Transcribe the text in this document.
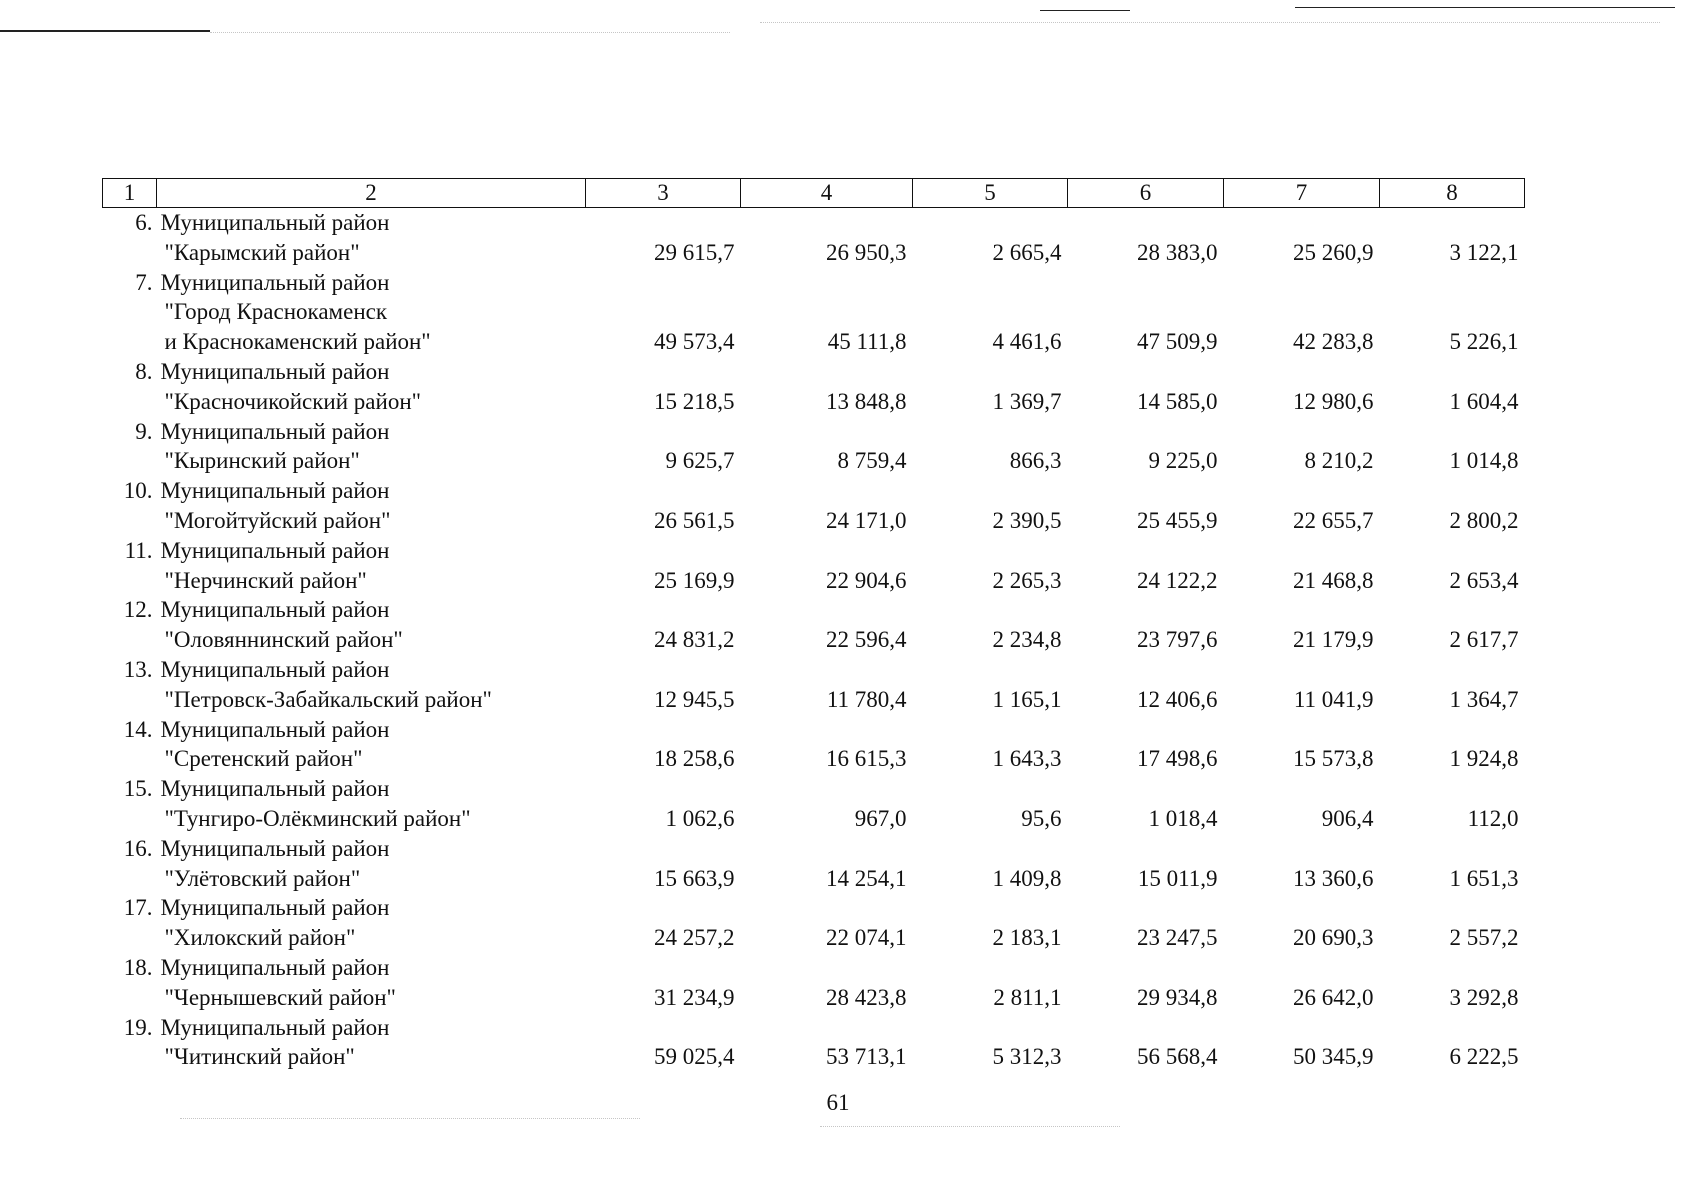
1	2	3	4	5	6	7	8
6.	Муниципальный район
"Карымский район"	29 615,7	26 950,3	2 665,4	28 383,0	25 260,9	3 122,1
7.	Муниципальный район
"Город Краснокаменск
и Краснокаменский район"	49 573,4	45 111,8	4 461,6	47 509,9	42 283,8	5 226,1
8.	Муниципальный район
"Красночикойский район"	15 218,5	13 848,8	1 369,7	14 585,0	12 980,6	1 604,4
9.	Муниципальный район
"Кыринский район"	9 625,7	8 759,4	866,3	9 225,0	8 210,2	1 014,8
10.	Муниципальный район
"Могойтуйский район"	26 561,5	24 171,0	2 390,5	25 455,9	22 655,7	2 800,2
11.	Муниципальный район
"Нерчинский район"	25 169,9	22 904,6	2 265,3	24 122,2	21 468,8	2 653,4
12.	Муниципальный район
"Оловяннинский район"	24 831,2	22 596,4	2 234,8	23 797,6	21 179,9	2 617,7
13.	Муниципальный район
"Петровск-Забайкальский район"	12 945,5	11 780,4	1 165,1	12 406,6	11 041,9	1 364,7
14.	Муниципальный район
"Сретенский район"	18 258,6	16 615,3	1 643,3	17 498,6	15 573,8	1 924,8
15.	Муниципальный район
"Тунгиро-Олёкминский район"	1 062,6	967,0	95,6	1 018,4	906,4	112,0
16.	Муниципальный район
"Улётовский район"	15 663,9	14 254,1	1 409,8	15 011,9	13 360,6	1 651,3
17.	Муниципальный район
"Хилокский район"	24 257,2	22 074,1	2 183,1	23 247,5	20 690,3	2 557,2
18.	Муниципальный район
"Чернышевский район"	31 234,9	28 423,8	2 811,1	29 934,8	26 642,0	3 292,8
19.	Муниципальный район
"Читинский район"	59 025,4	53 713,1	5 312,3	56 568,4	50 345,9	6 222,5
61
